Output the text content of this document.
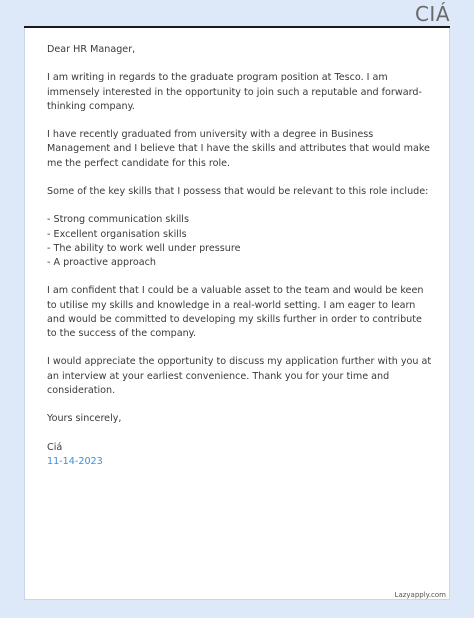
CIÁ

Dear HR Manager,

I am writing in regards to the graduate program position at Tesco. I am immensely interested in the opportunity to join such a reputable and forward-thinking company.

I have recently graduated from university with a degree in Business Management and I believe that I have the skills and attributes that would make me the perfect candidate for this role.

Some of the key skills that I possess that would be relevant to this role include:

- Strong communication skills
- Excellent organisation skills
- The ability to work well under pressure
- A proactive approach

I am confident that I could be a valuable asset to the team and would be keen to utilise my skills and knowledge in a real-world setting. I am eager to learn and would be committed to developing my skills further in order to contribute to the success of the company.

I would appreciate the opportunity to discuss my application further with you at an interview at your earliest convenience. Thank you for your time and consideration.

Yours sincerely,

Ciá

11-14-2023

Lazyapply.com
